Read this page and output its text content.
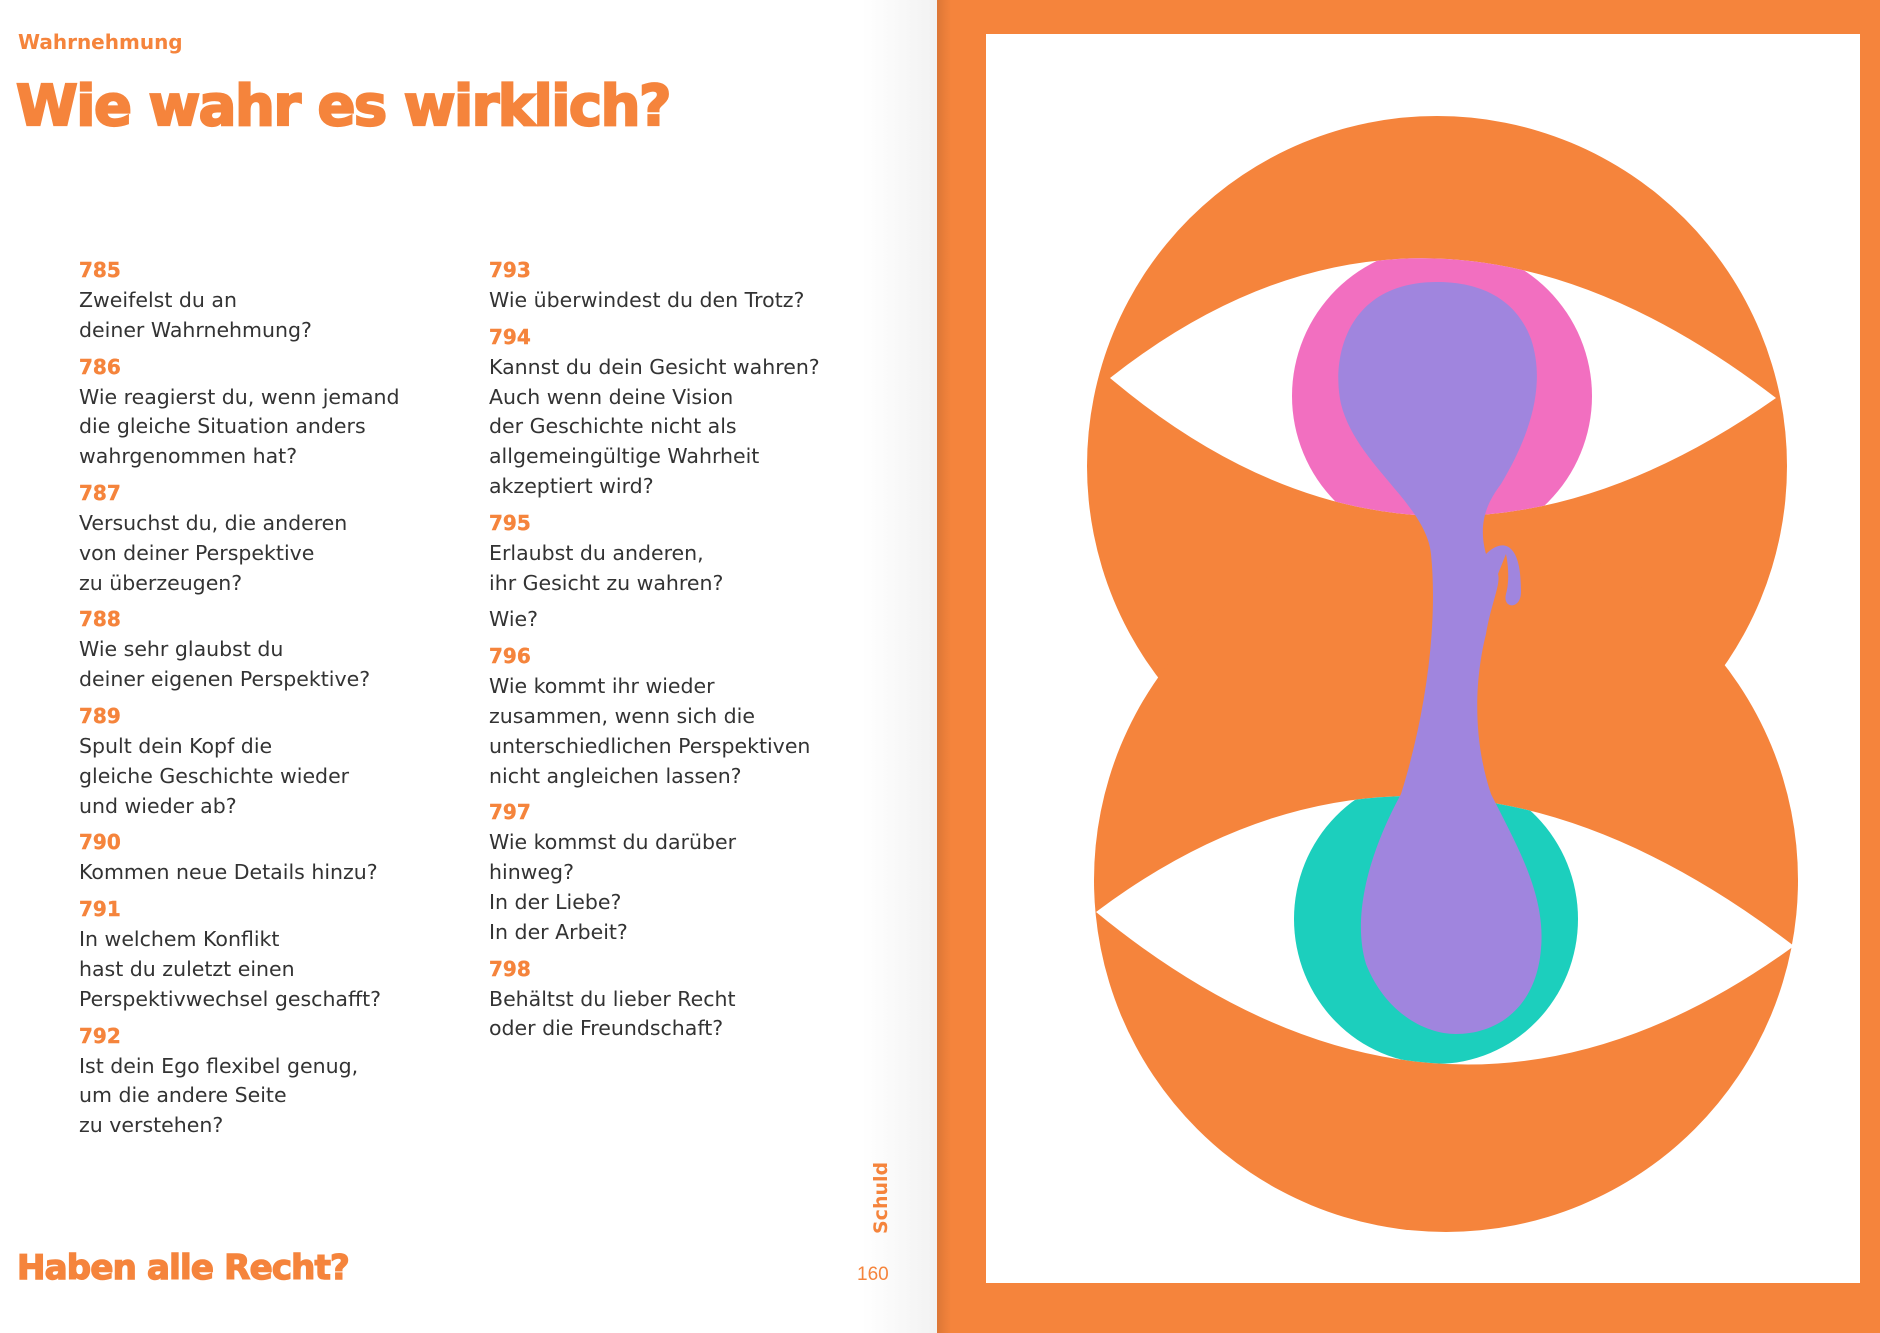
Wahrnehmung
Wie wahr es wirklich?
785
Zweifelst du an
deiner Wahrnehmung?
786
Wie reagierst du, wenn jemand
die gleiche Situation anders
wahrgenommen hat?
787
Versuchst du, die anderen
von deiner Perspektive
zu überzeugen?
788
Wie sehr glaubst du
deiner eigenen Perspektive?
789
Spult dein Kopf die
gleiche Geschichte wieder
und wieder ab?
790
Kommen neue Details hinzu?
791
In welchem Konflikt
hast du zuletzt einen
Perspektivwechsel geschafft?
792
Ist dein Ego flexibel genug,
um die andere Seite
zu verstehen?
793
Wie überwindest du den Trotz?
794
Kannst du dein Gesicht wahren?
Auch wenn deine Vision
der Geschichte nicht als
allgemeingültige Wahrheit
akzeptiert wird?
795
Erlaubst du anderen,
ihr Gesicht zu wahren?
Wie?
796
Wie kommt ihr wieder
zusammen, wenn sich die
unterschiedlichen Perspektiven
nicht angleichen lassen?
797
Wie kommst du darüber
hinweg?
In der Liebe?
In der Arbeit?
798
Behältst du lieber Recht
oder die Freundschaft?
Haben alle Recht?
Schuld
160
